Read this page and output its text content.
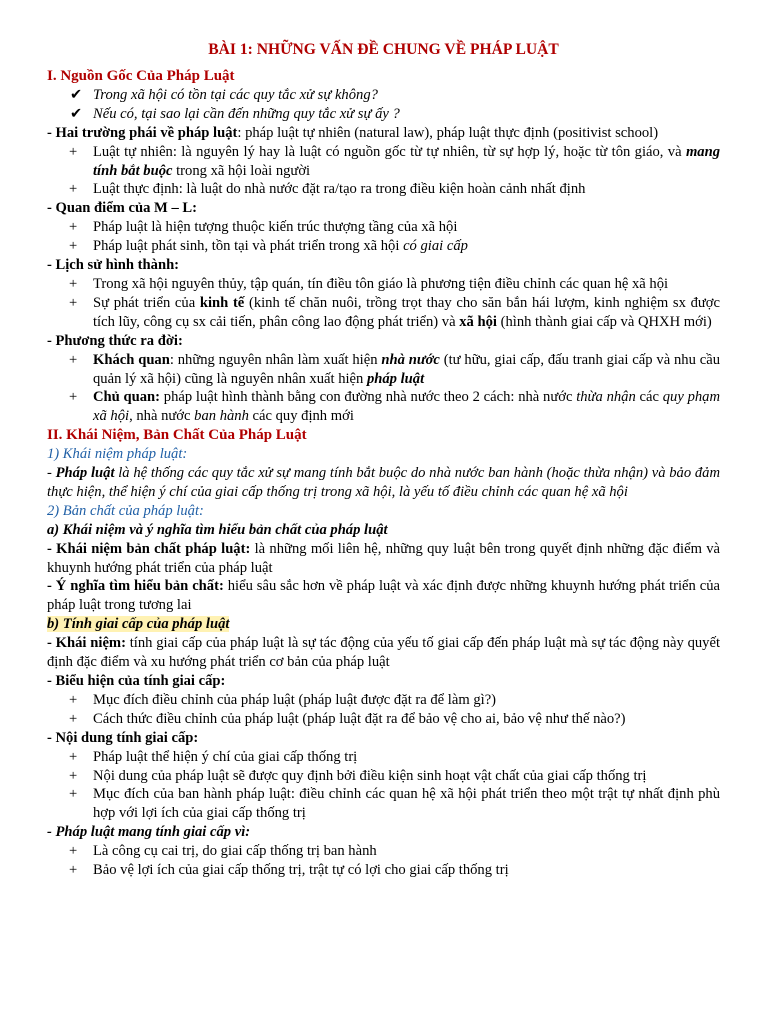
BÀI 1: NHỮNG VẤN ĐỀ CHUNG VỀ PHÁP LUẬT

I. Nguồn Gốc Của Pháp Luật

✔ Trong xã hội có tồn tại các quy tắc xử sự không?
✔ Nếu có, tại sao lại cần đến những quy tắc xử sự ấy ?

- Hai trường phái về pháp luật: pháp luật tự nhiên (natural law), pháp luật thực định (positivist school)

+	Luật tự nhiên: là nguyên lý hay là luật có nguồn gốc từ tự nhiên, từ sự hợp lý, hoặc từ tôn giáo, và mang tính bắt buộc trong xã hội loài người
+	Luật thực định: là luật do nhà nước đặt ra/tạo ra trong điều kiện hoàn cảnh nhất định

- Quan điểm của M – L:

+	Pháp luật là hiện tượng thuộc kiến trúc thượng tầng của xã hội
+	Pháp luật phát sinh, tồn tại và phát triển trong xã hội có giai cấp

- Lịch sử hình thành:

+	Trong xã hội nguyên thủy, tập quán, tín điều tôn giáo là phương tiện điều chỉnh các quan hệ xã hội
+	Sự phát triển của kinh tế (kinh tế chăn nuôi, trồng trọt thay cho săn bắn hái lượm, kinh nghiệm sx được tích lũy, công cụ sx cải tiến, phân công lao động phát triển) và xã hội (hình thành giai cấp và QHXH mới)

- Phương thức ra đời:

+	Khách quan: những nguyên nhân làm xuất hiện nhà nước (tư hữu, giai cấp, đấu tranh giai cấp và nhu cầu quản lý xã hội) cũng là nguyên nhân xuất hiện pháp luật
+	Chủ quan: pháp luật hình thành bằng con đường nhà nước theo 2 cách: nhà nước thừa nhận các quy phạm xã hội, nhà nước ban hành các quy định mới

II. Khái Niệm, Bản Chất Của Pháp Luật

1) Khái niệm pháp luật:

- Pháp luật là hệ thống các quy tắc xử sự mang tính bắt buộc do nhà nước ban hành (hoặc thừa nhận) và bảo đảm thực hiện, thể hiện ý chí của giai cấp thống trị trong xã hội, là yếu tố điều chỉnh các quan hệ xã hội

2) Bản chất của pháp luật:

a) Khái niệm và ý nghĩa tìm hiểu bản chất của pháp luật

- Khái niệm bản chất pháp luật: là những mối liên hệ, những quy luật bên trong quyết định những đặc điểm và khuynh hướng phát triển của pháp luật

- Ý nghĩa tìm hiểu bản chất: hiểu sâu sắc hơn về pháp luật và xác định được những khuynh hướng phát triển của pháp luật trong tương lai

b) Tính giai cấp của pháp luật

- Khái niệm: tính giai cấp của pháp luật là sự tác động của yếu tố giai cấp đến pháp luật mà sự tác động này quyết định đặc điểm và xu hướng phát triển cơ bản của pháp luật

- Biểu hiện của tính giai cấp:

+	Mục đích điều chỉnh của pháp luật (pháp luật được đặt ra để làm gì?)
+	Cách thức điều chỉnh của pháp luật (pháp luật đặt ra để bảo vệ cho ai, bảo vệ như thế nào?)

- Nội dung tính giai cấp:

+	Pháp luật thể hiện ý chí của giai cấp thống trị
+	Nội dung của pháp luật sẽ được quy định bởi điều kiện sinh hoạt vật chất của giai cấp thống trị
+	Mục đích của ban hành pháp luật: điều chỉnh các quan hệ xã hội phát triển theo một trật tự nhất định phù hợp với lợi ích của giai cấp thống trị

- Pháp luật mang tính giai cấp vì:

+	Là công cụ cai trị, do giai cấp thống trị ban hành
+	Bảo vệ lợi ích của giai cấp thống trị, trật tự có lợi cho giai cấp thống trị
